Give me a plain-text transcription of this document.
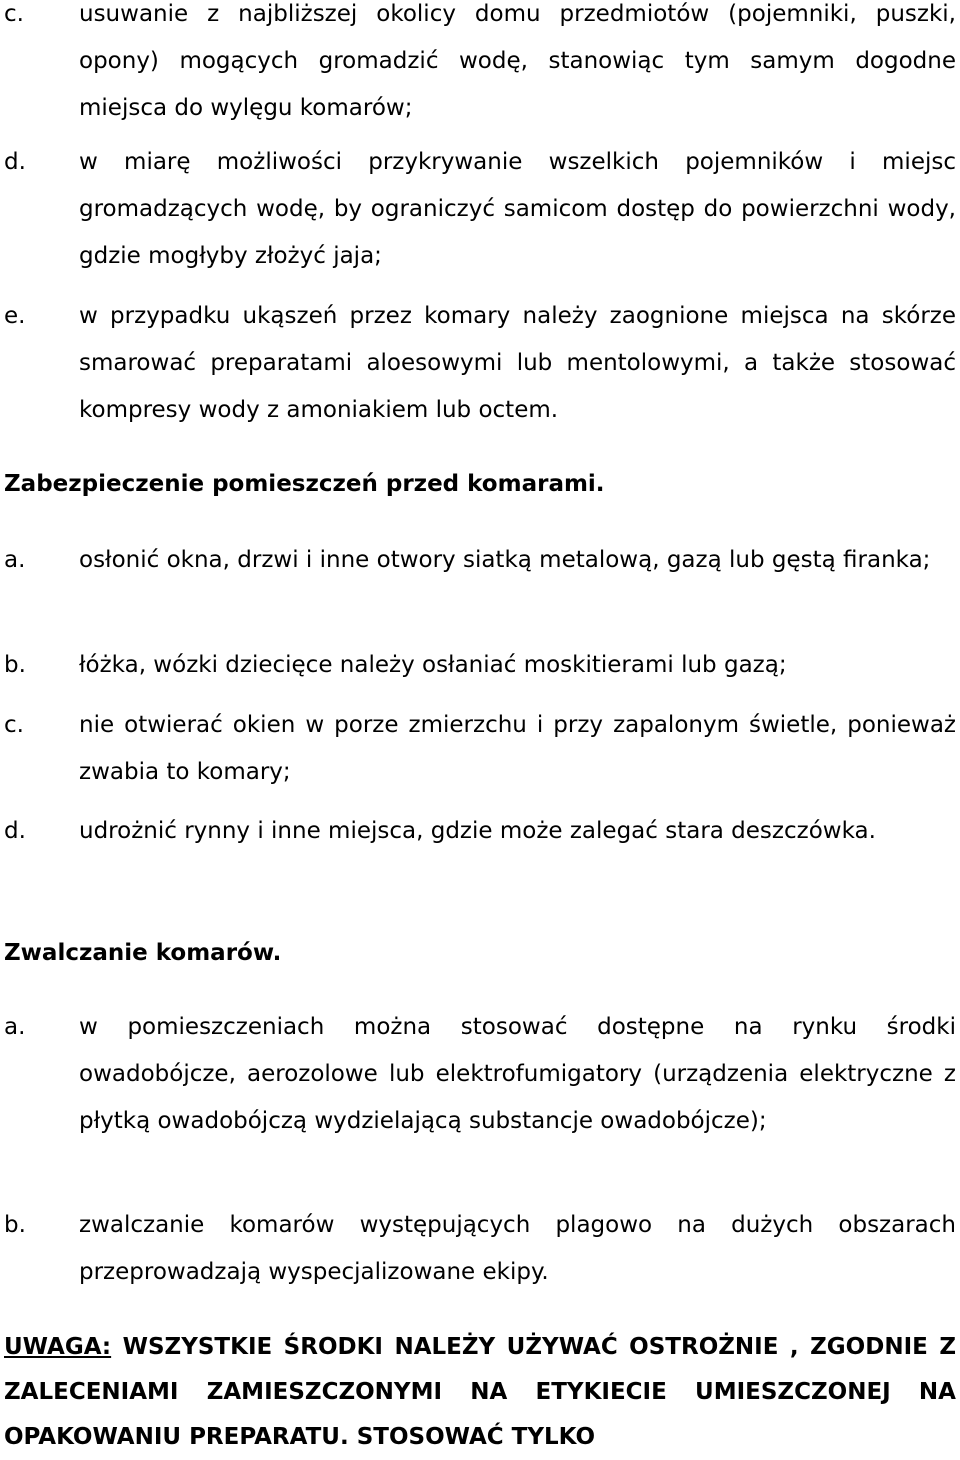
c.	usuwanie z najbliższej okolicy domu przedmiotów (pojemniki, puszki, opony) mogących gromadzić wodę, stanowiąc tym samym dogodne miejsca do wylęgu komarów;
d.	w miarę możliwości przykrywanie wszelkich pojemników i miejsc gromadzących wodę, by ograniczyć samicom dostęp do powierzchni wody, gdzie mogłyby złożyć jaja;
e.	w przypadku ukąszeń przez komary należy zaognione miejsca na skórze smarować preparatami aloesowymi lub mentolowymi, a także stosować kompresy wody z amoniakiem lub octem.
Zabezpieczenie pomieszczeń przed komarami.
a.	osłonić okna, drzwi i inne otwory siatką metalową, gazą lub gęstą firanka;
b.	łóżka, wózki dziecięce należy osłaniać moskitierami lub gazą;
c.	nie otwierać okien w porze zmierzchu i przy zapalonym świetle, ponieważ zwabia to komary;
d.	udrożnić rynny i inne miejsca, gdzie może zalegać stara deszczówka.
Zwalczanie komarów.
a.	w pomieszczeniach można stosować dostępne na rynku środki owadobójcze, aerozolowe lub elektrofumigatory (urządzenia elektryczne z płytką owadobójczą wydzielającą substancje owadobójcze);
b.	zwalczanie komarów występujących plagowo na dużych obszarach przeprowadzają wyspecjalizowane ekipy.
UWAGA: WSZYSTKIE ŚRODKI NALEŻY UŻYWAĆ OSTROŻNIE , ZGODNIE Z ZALECENIAMI ZAMIESZCZONYMI NA ETYKIECIE UMIESZCZONEJ NA OPAKOWANIU PREPARATU. STOSOWAĆ TYLKO
